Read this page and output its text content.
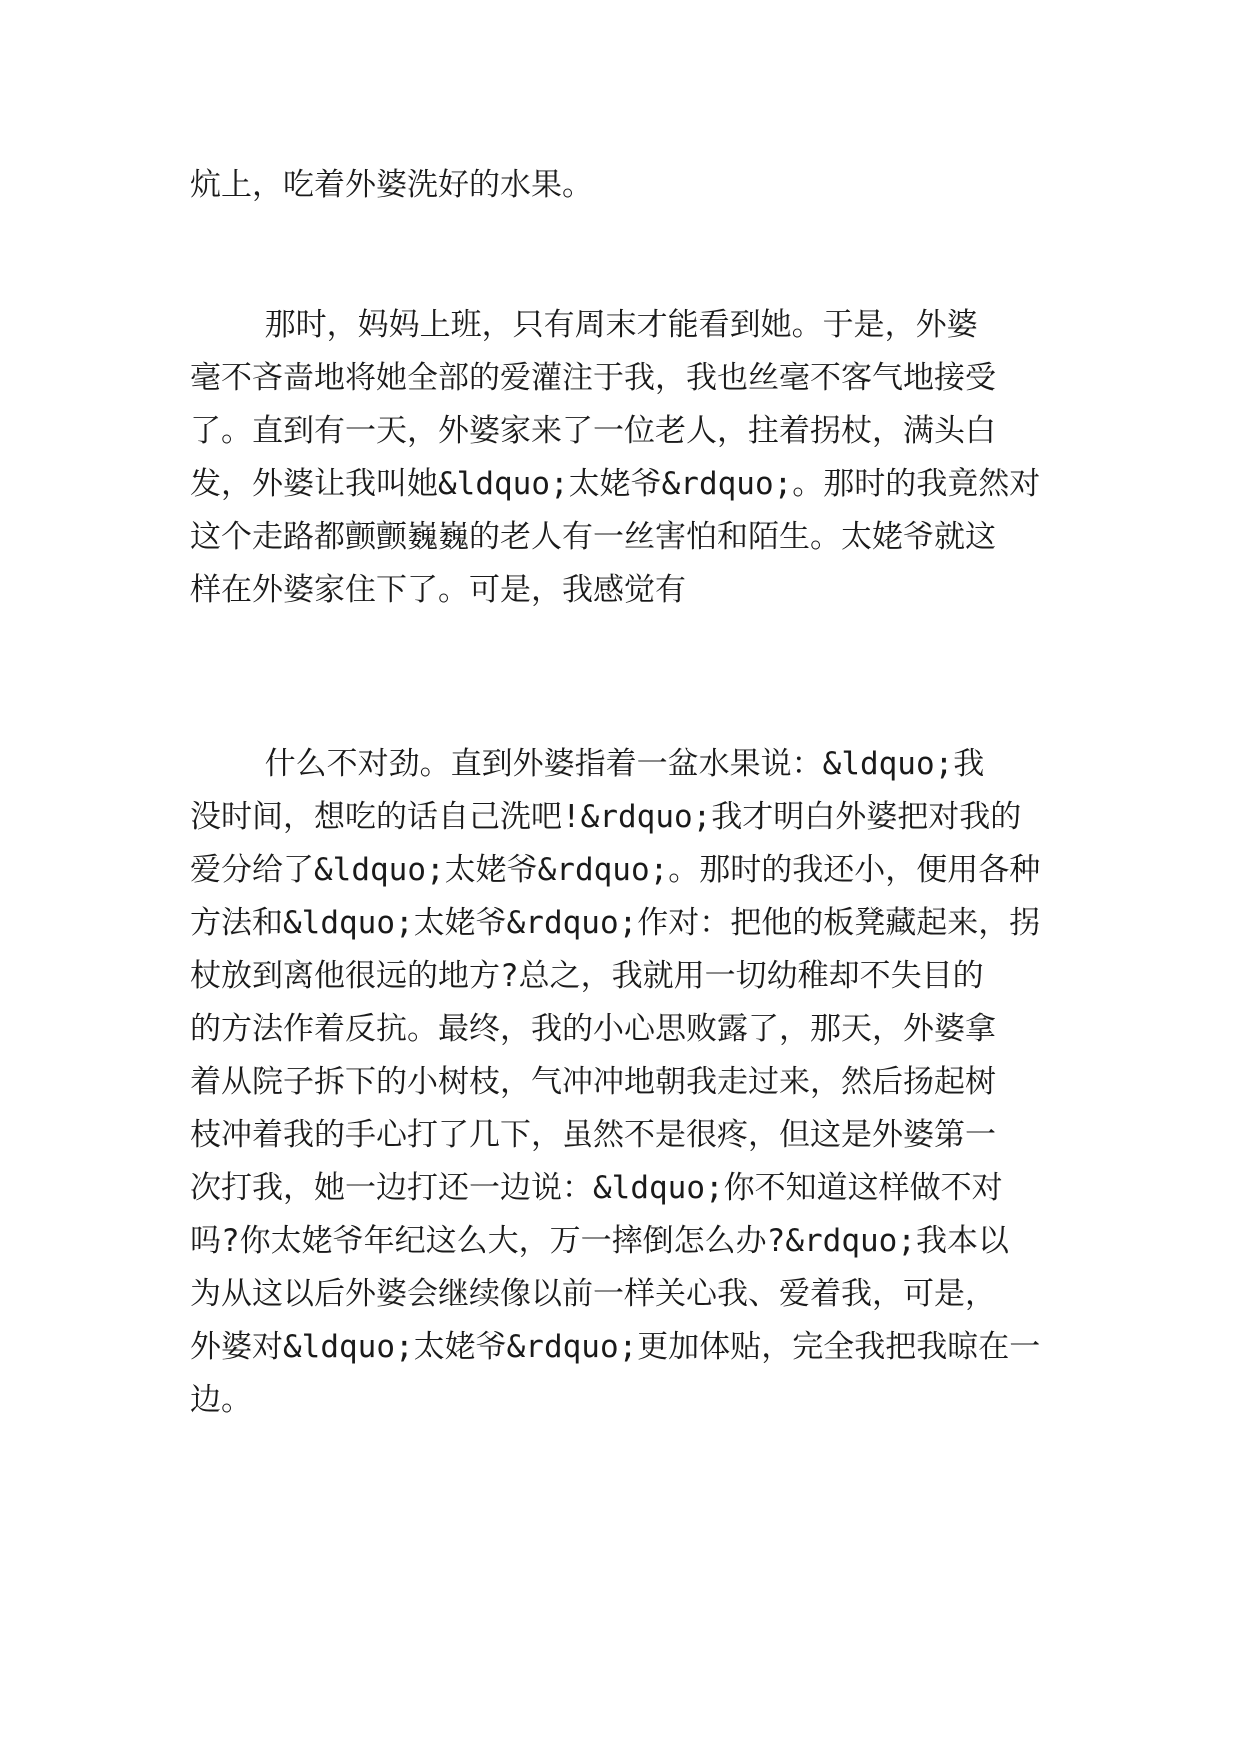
炕上，吃着外婆洗好的水果。
那时，妈妈上班，只有周末才能看到她。于是，外婆
毫不吝啬地将她全部的爱灌注于我，我也丝毫不客气地接受
了。直到有一天，外婆家来了一位老人，拄着拐杖，满头白
发，外婆让我叫她&ldquo;太姥爷&rdquo;。那时的我竟然对
这个走路都颤颤巍巍的老人有一丝害怕和陌生。太姥爷就这
样在外婆家住下了。可是，我感觉有
什么不对劲。直到外婆指着一盆水果说：&ldquo;我
没时间，想吃的话自己洗吧!&rdquo;我才明白外婆把对我的
爱分给了&ldquo;太姥爷&rdquo;。那时的我还小，便用各种
方法和&ldquo;太姥爷&rdquo;作对：把他的板凳藏起来，拐
杖放到离他很远的地方?总之，我就用一切幼稚却不失目的
的方法作着反抗。最终，我的小心思败露了，那天，外婆拿
着从院子拆下的小树枝，气冲冲地朝我走过来，然后扬起树
枝冲着我的手心打了几下，虽然不是很疼，但这是外婆第一
次打我，她一边打还一边说：&ldquo;你不知道这样做不对
吗?你太姥爷年纪这么大，万一摔倒怎么办?&rdquo;我本以
为从这以后外婆会继续像以前一样关心我、爱着我，可是，
外婆对&ldquo;太姥爷&rdquo;更加体贴，完全我把我晾在一
边。
